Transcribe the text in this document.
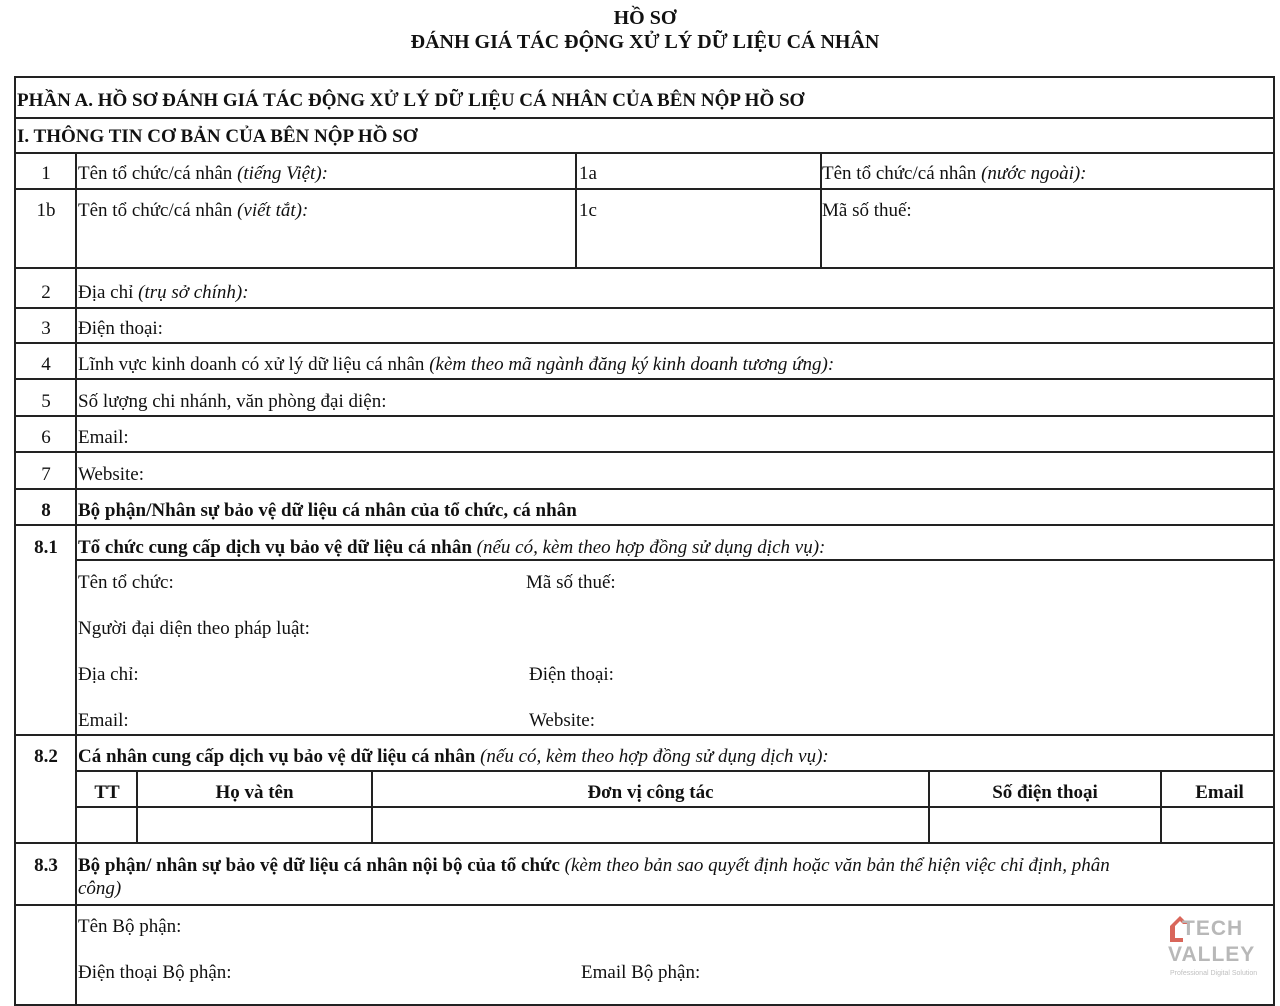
HỒ SƠ
ĐÁNH GIÁ TÁC ĐỘNG XỬ LÝ DỮ LIỆU CÁ NHÂN
PHẦN A. HỒ SƠ ĐÁNH GIÁ TÁC ĐỘNG XỬ LÝ DỮ LIỆU CÁ NHÂN CỦA BÊN NỘP HỒ SƠ
I. THÔNG TIN CƠ BẢN CỦA BÊN NỘP HỒ SƠ
1	Tên tổ chức/cá nhân (tiếng Việt):	1a	Tên tổ chức/cá nhân (nước ngoài):
1b	Tên tổ chức/cá nhân (viết tắt):	1c	Mã số thuế:
2	Địa chỉ (trụ sở chính):
3	Điện thoại:
4	Lĩnh vực kinh doanh có xử lý dữ liệu cá nhân (kèm theo mã ngành đăng ký kinh doanh tương ứng):
5	Số lượng chi nhánh, văn phòng đại diện:
6	Email:
7	Website:
8	Bộ phận/Nhân sự bảo vệ dữ liệu cá nhân của tổ chức, cá nhân
8.1	Tổ chức cung cấp dịch vụ bảo vệ dữ liệu cá nhân (nếu có, kèm theo hợp đồng sử dụng dịch vụ):
Tên tổ chức:	Mã số thuế:
Người đại diện theo pháp luật:
Địa chỉ:	Điện thoại:
Email:	Website:
8.2	Cá nhân cung cấp dịch vụ bảo vệ dữ liệu cá nhân (nếu có, kèm theo hợp đồng sử dụng dịch vụ):
TT	Họ và tên	Đơn vị công tác	Số điện thoại	Email
8.3	Bộ phận/ nhân sự bảo vệ dữ liệu cá nhân nội bộ của tổ chức (kèm theo bản sao quyết định hoặc văn bản thể hiện việc chỉ định, phân
công)
Tên Bộ phận:
Điện thoại Bộ phận:	Email Bộ phận:
TECH
VALLEY
Professional Digital Solution
